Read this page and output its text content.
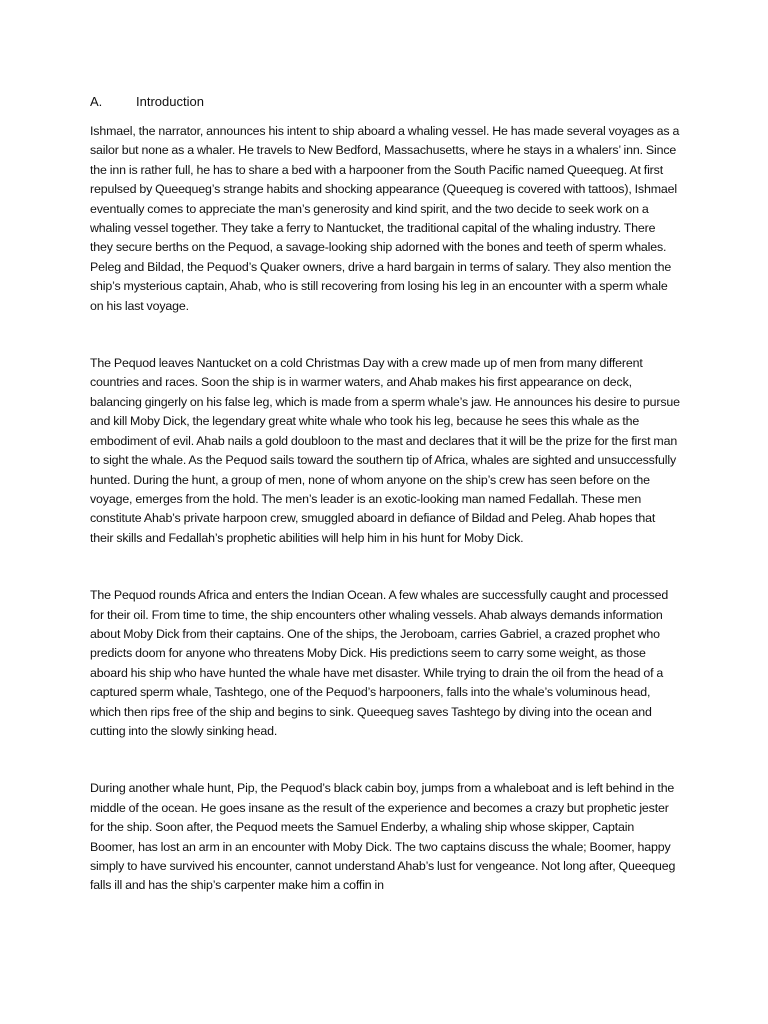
A.	Introduction

Ishmael, the narrator, announces his intent to ship aboard a whaling vessel. He has made several voyages as a sailor but none as a whaler. He travels to New Bedford, Massachusetts, where he stays in a whalers’ inn. Since the inn is rather full, he has to share a bed with a harpooner from the South Pacific named Queequeg. At first repulsed by Queequeg’s strange habits and shocking appearance (Queequeg is covered with tattoos), Ishmael eventually comes to appreciate the man’s generosity and kind spirit, and the two decide to seek work on a whaling vessel together. They take a ferry to Nantucket, the traditional capital of the whaling industry. There they secure berths on the Pequod, a savage-looking ship adorned with the bones and teeth of sperm whales. Peleg and Bildad, the Pequod’s Quaker owners, drive a hard bargain in terms of salary. They also mention the ship’s mysterious captain, Ahab, who is still recovering from losing his leg in an encounter with a sperm whale on his last voyage.

The Pequod leaves Nantucket on a cold Christmas Day with a crew made up of men from many different countries and races. Soon the ship is in warmer waters, and Ahab makes his first appearance on deck, balancing gingerly on his false leg, which is made from a sperm whale’s jaw. He announces his desire to pursue and kill Moby Dick, the legendary great white whale who took his leg, because he sees this whale as the embodiment of evil. Ahab nails a gold doubloon to the mast and declares that it will be the prize for the first man to sight the whale. As the Pequod sails toward the southern tip of Africa, whales are sighted and unsuccessfully hunted. During the hunt, a group of men, none of whom anyone on the ship’s crew has seen before on the voyage, emerges from the hold. The men’s leader is an exotic-looking man named Fedallah. These men constitute Ahab’s private harpoon crew, smuggled aboard in defiance of Bildad and Peleg. Ahab hopes that their skills and Fedallah’s prophetic abilities will help him in his hunt for Moby Dick.

The Pequod rounds Africa and enters the Indian Ocean. A few whales are successfully caught and processed for their oil. From time to time, the ship encounters other whaling vessels. Ahab always demands information about Moby Dick from their captains. One of the ships, the Jeroboam, carries Gabriel, a crazed prophet who predicts doom for anyone who threatens Moby Dick. His predictions seem to carry some weight, as those aboard his ship who have hunted the whale have met disaster. While trying to drain the oil from the head of a captured sperm whale, Tashtego, one of the Pequod’s harpooners, falls into the whale’s voluminous head, which then rips free of the ship and begins to sink. Queequeg saves Tashtego by diving into the ocean and cutting into the slowly sinking head.

During another whale hunt, Pip, the Pequod’s black cabin boy, jumps from a whaleboat and is left behind in the middle of the ocean. He goes insane as the result of the experience and becomes a crazy but prophetic jester for the ship. Soon after, the Pequod meets the Samuel Enderby, a whaling ship whose skipper, Captain Boomer, has lost an arm in an encounter with Moby Dick. The two captains discuss the whale; Boomer, happy simply to have survived his encounter, cannot understand Ahab’s lust for vengeance. Not long after, Queequeg falls ill and has the ship’s carpenter make him a coffin in
